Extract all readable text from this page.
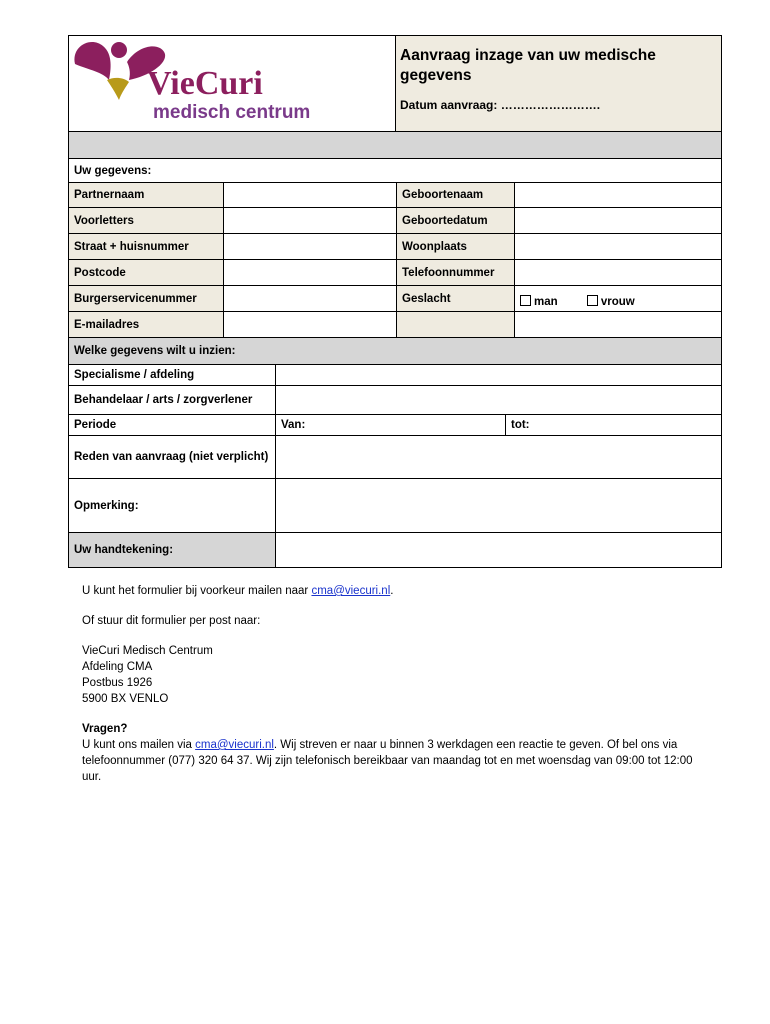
VieCuri
medisch centrum

Aanvraag inzage van uw medische gegevens

Datum aanvraag: …………………….

Uw gegevens:			
Partnernaam		Geboortenaam	
Voorletters		Geboortedatum	
Straat + huisnummer		Woonplaats	
Postcode		Telefoonnummer	
Burgerservicenummer		Geslacht	man vrouw
E-mailadres			
Welke gegevens wilt u inzien:		
Specialisme / afdeling		
Behandelaar / arts / zorgverlener		
Periode	Van:	tot:
Reden van aanvraag (niet verplicht)		
Opmerking:		
Uw handtekening:		

U kunt het formulier bij voorkeur mailen naar cma@viecuri.nl.

Of stuur dit formulier per post naar:

VieCuri Medisch Centrum

Afdeling CMA

Postbus 1926

5900 BX VENLO

Vragen?

U kunt ons mailen via cma@viecuri.nl. Wij streven er naar u binnen 3 werkdagen een reactie te geven. Of bel ons via telefoonnummer (077) 320 64 37. Wij zijn telefonisch bereikbaar van maandag tot en met woensdag van 09:00 tot 12:00 uur.
